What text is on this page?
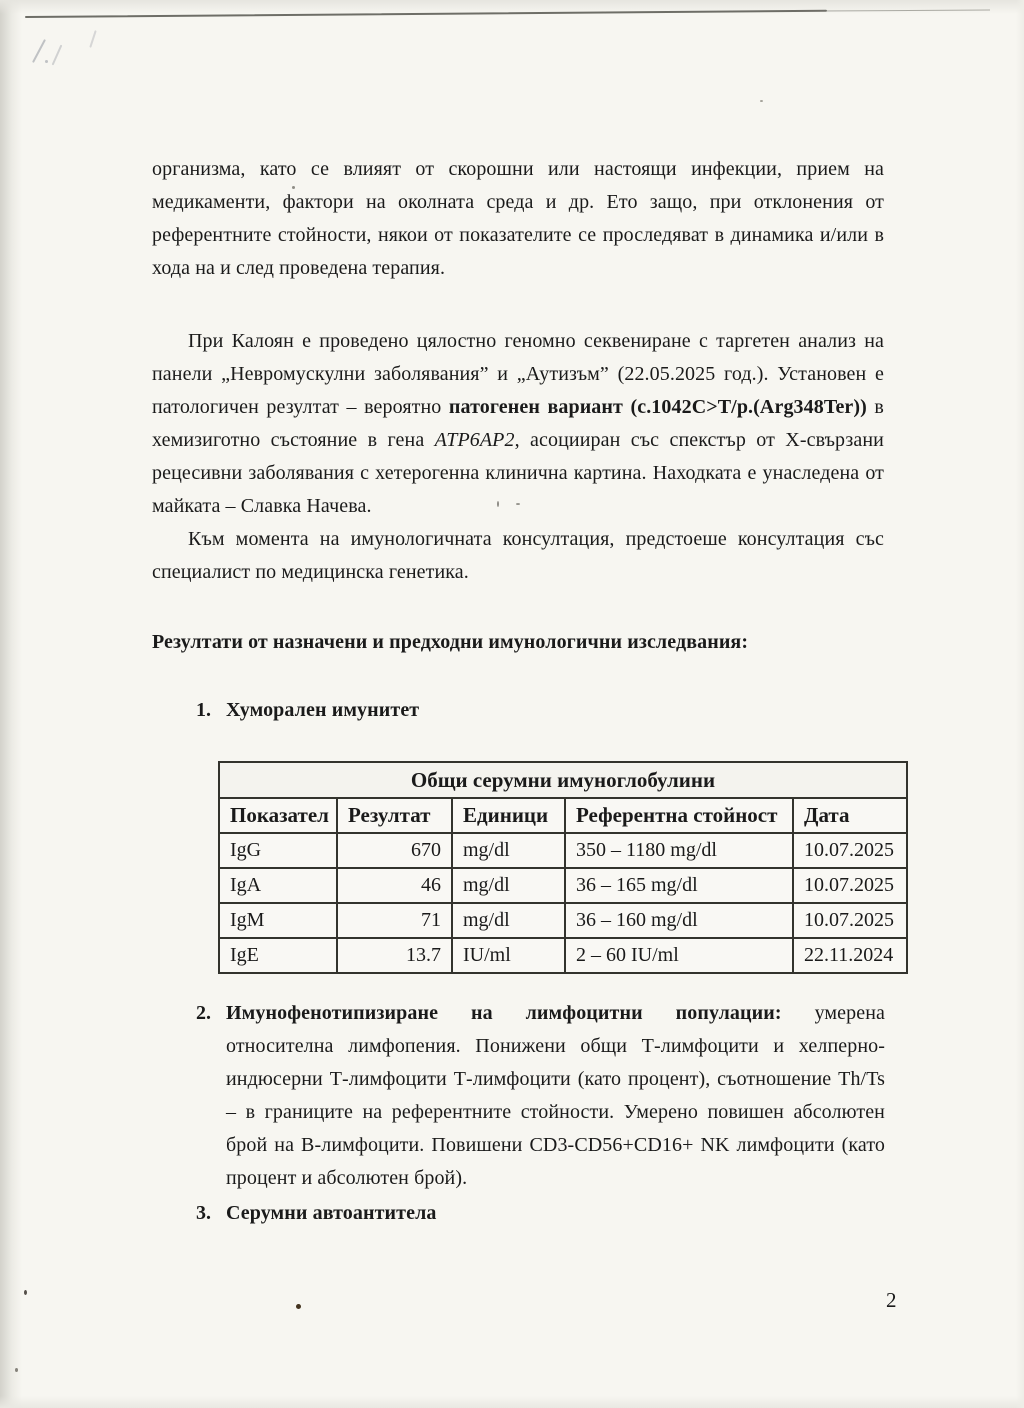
организма, като се влияят от скорошни или настоящи инфекции, прием на медикаменти, фактори на околната среда и др. Ето защо, при отклонения от референтните стойности, някои от показателите се проследяват в динамика и/или в хода на и след проведена терапия.

При Калоян е проведено цялостно геномно секвениране с таргетен анализ на панели „Невромускулни заболявания” и „Аутизъм” (22.05.2025 год.). Установен е патологичен резултат – вероятно патогенен вариант (c.1042C>T/p.(Arg348Ter)) в хемизиготно състояние в гена ATP6AP2, асоцииран със спекстър от Х-свързани рецесивни заболявания с хетерогенна клинична картина. Находката е унаследена от майката – Славка Начева.

Към момента на имунологичната консултация, предстоеше консултация със специалист по медицинска генетика.

Резултати от назначени и предходни имунологични изследвания:

1. Хуморален имунитет
Общи серумни имуноглобулини				
Показател	Резултат	Единици	Референтна стойност	Дата
IgG	670	mg/dl	350 – 1180 mg/dl	10.07.2025
IgA	46	mg/dl	36 – 165 mg/dl	10.07.2025
IgM	71	mg/dl	36 – 160 mg/dl	10.07.2025
IgE	13.7	IU/ml	2 – 60 IU/ml	22.11.2024
2. Имунофенотипизиране на лимфоцитни популации: умерена относителна лимфопения. Понижени общи Т-лимфоцити и хелперно-индюсерни Т-лимфоцити Т-лимфоцити (като процент), съотношение Th/Ts – в границите на референтните стойности. Умерено повишен абсолютен брой на В-лимфоцити. Повишени CD3-CD56+CD16+ NK лимфоцити (като процент и абсолютен брой).
3. Серумни автоантитела
2
